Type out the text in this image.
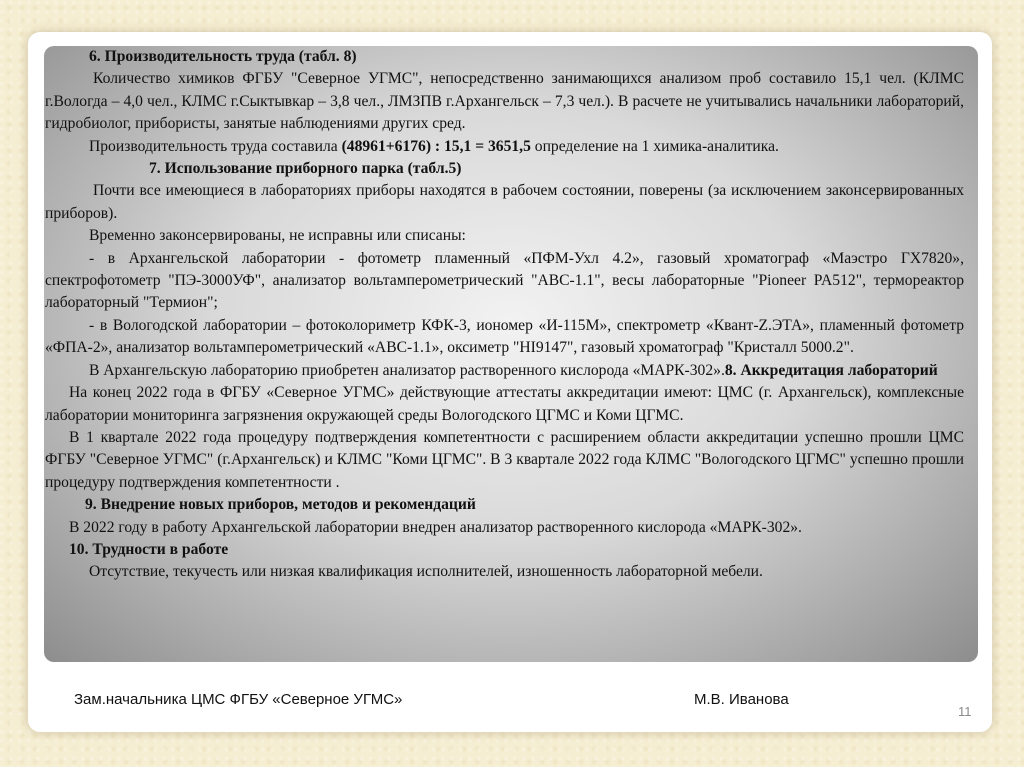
6. Производительность труда (табл. 8)

Количество химиков ФГБУ "Северное УГМС", непосредственно занимающихся анализом проб составило 15,1 чел. (КЛМС г.Вологда – 4,0 чел., КЛМС г.Сыктывкар – 3,8 чел., ЛМЗПВ г.Архангельск – 7,3 чел.). В расчете не учитывались начальники лабораторий, гидробиолог, прибористы, занятые наблюдениями других сред.

Производительность труда составила (48961+6176) : 15,1 = 3651,5 определение на 1 химика-аналитика.

7. Использование приборного парка (табл.5)

Почти все имеющиеся в лабораториях приборы находятся в рабочем состоянии, поверены (за исключением законсервированных приборов).

Временно законсервированы, не исправны или списаны:

- в Архангельской лаборатории - фотометр пламенный «ПФМ-Ухл 4.2», газовый хроматограф «Маэстро ГХ7820», спектрофотометр "ПЭ-3000УФ", анализатор вольтамперометрический "АВС-1.1", весы лабораторные "Pioneer PA512", термореактор лабораторный "Термион";

- в Вологодской лаборатории – фотоколориметр КФК-3, иономер «И-115М», спектрометр «Квант-Z.ЭТА», пламенный фотометр «ФПА-2», анализатор вольтамперометрический «АВС-1.1», оксиметр "HI9147", газовый хроматограф "Кристалл 5000.2".

В Архангельскую лабораторию приобретен анализатор растворенного кислорода «МАРК-302».8. Аккредитация лабораторий

На конец 2022 года в ФГБУ «Северное УГМС» действующие аттестаты аккредитации имеют: ЦМС (г. Архангельск), комплексные лаборатории мониторинга загрязнения окружающей среды Вологодского ЦГМС и Коми ЦГМС.

В 1 квартале 2022 года процедуру подтверждения компетентности с расширением области аккредитации успешно прошли ЦМС ФГБУ "Северное УГМС" (г.Архангельск) и КЛМС "Коми ЦГМС". В 3 квартале 2022 года КЛМС "Вологодского ЦГМС" успешно прошли процедуру подтверждения компетентности .

9. Внедрение новых приборов, методов и рекомендаций

В 2022 году в работу Архангельской лаборатории внедрен анализатор растворенного кислорода «МАРК-302».

10. Трудности в работе

Отсутствие, текучесть или низкая квалификация исполнителей, изношенность лабораторной мебели.

Зам.начальника ЦМС ФГБУ «Северное УГМС»	М.В. Иванова
11
